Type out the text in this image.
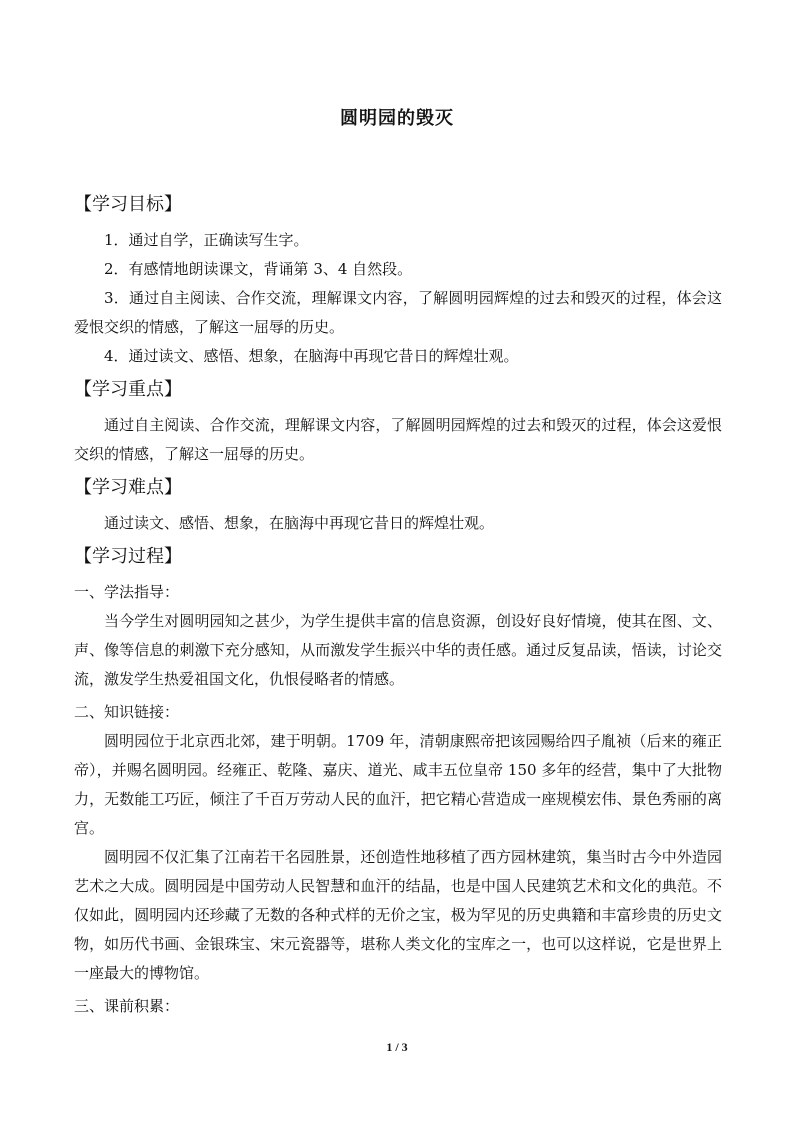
圆明园的毁灭
【学习目标】

1．通过自学，正确读写生字。

2．有感情地朗读课文，背诵第 3、4 自然段。

3．通过自主阅读、合作交流，理解课文内容，了解圆明园辉煌的过去和毁灭的过程，体会这爱恨交织的情感，了解这一屈辱的历史。

4．通过读文、感悟、想象，在脑海中再现它昔日的辉煌壮观。

【学习重点】

通过自主阅读、合作交流，理解课文内容，了解圆明园辉煌的过去和毁灭的过程，体会这爱恨交织的情感，了解这一屈辱的历史。

【学习难点】

通过读文、感悟、想象，在脑海中再现它昔日的辉煌壮观。

【学习过程】

一、学法指导：

当今学生对圆明园知之甚少，为学生提供丰富的信息资源，创设好良好情境，使其在图、文、声、像等信息的刺激下充分感知，从而激发学生振兴中华的责任感。通过反复品读，悟读，讨论交流，激发学生热爱祖国文化，仇恨侵略者的情感。

二、知识链接：

圆明园位于北京西北郊，建于明朝。1709 年，清朝康熙帝把该园赐给四子胤祯（后来的雍正帝），并赐名圆明园。经雍正、乾隆、嘉庆、道光、咸丰五位皇帝 150 多年的经营，集中了大批物力，无数能工巧匠，倾注了千百万劳动人民的血汗，把它精心营造成一座规模宏伟、景色秀丽的离宫。

圆明园不仅汇集了江南若干名园胜景，还创造性地移植了西方园林建筑，集当时古今中外造园艺术之大成。圆明园是中国劳动人民智慧和血汗的结晶，也是中国人民建筑艺术和文化的典范。不仅如此，圆明园内还珍藏了无数的各种式样的无价之宝，极为罕见的历史典籍和丰富珍贵的历史文物，如历代书画、金银珠宝、宋元瓷器等，堪称人类文化的宝库之一，也可以这样说，它是世界上一座最大的博物馆。

三、课前积累：

1 / 3
